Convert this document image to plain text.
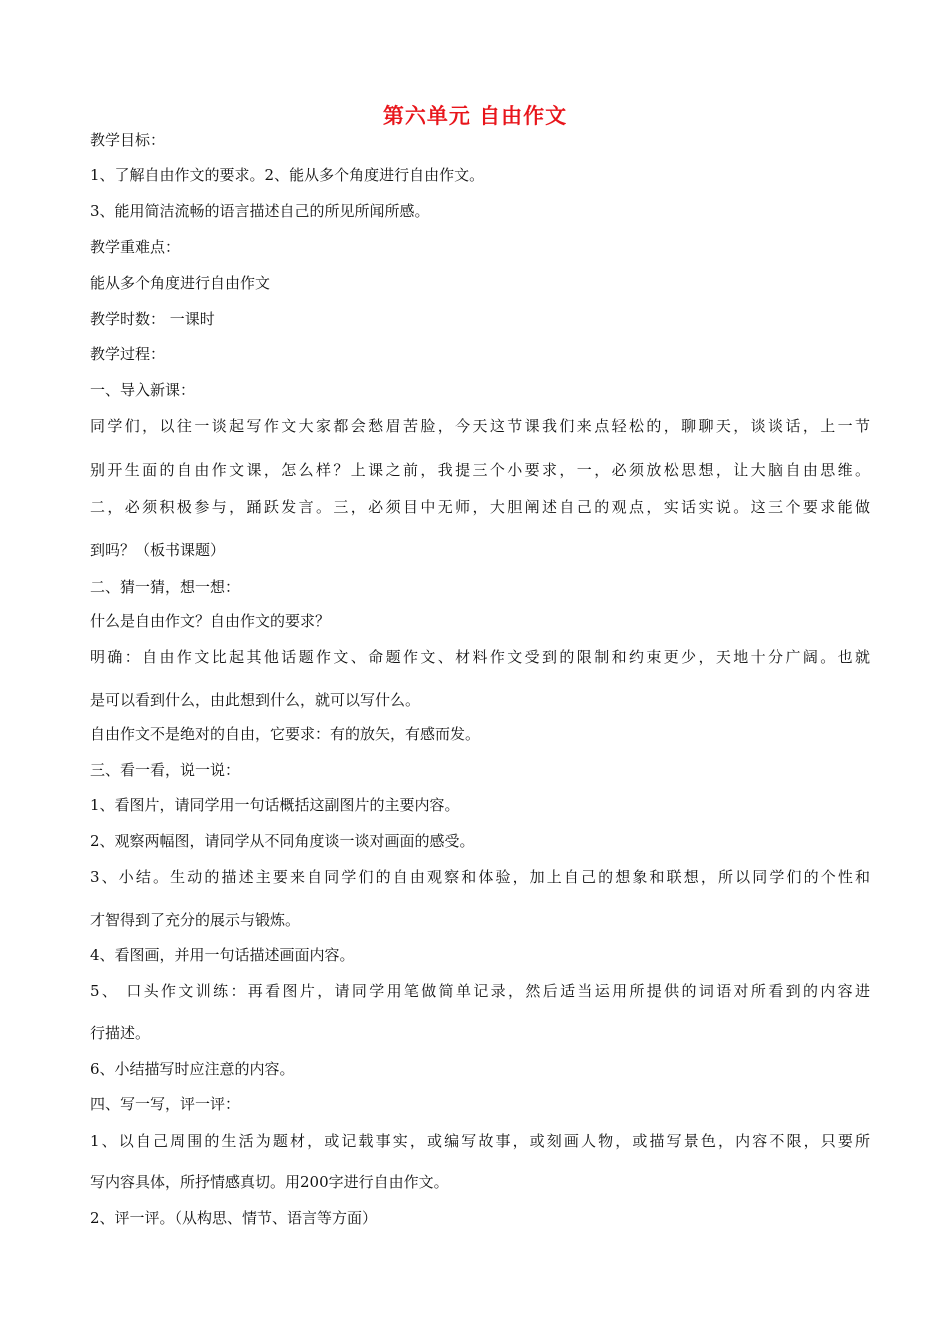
第六单元 自由作文
教学目标：
1、了解自由作文的要求。2、能从多个角度进行自由作文。
3、能用简洁流畅的语言描述自己的所见所闻所感。
教学重难点：
能从多个角度进行自由作文
教学时数： 一课时
教学过程：
一、导入新课：
同学们，以往一谈起写作文大家都会愁眉苦脸，今天这节课我们来点轻松的，聊聊天，谈谈话，上一节
别开生面的自由作文课，怎么样？上课之前，我提三个小要求，一，必须放松思想，让大脑自由思维。
二，必须积极参与，踊跃发言。三，必须目中无师，大胆阐述自己的观点，实话实说。这三个要求能做
到吗？（板书课题）
二、猜一猜，想一想：
什么是自由作文？自由作文的要求？
明确：自由作文比起其他话题作文、命题作文、材料作文受到的限制和约束更少，天地十分广阔。也就
是可以看到什么，由此想到什么，就可以写什么。
自由作文不是绝对的自由，它要求：有的放矢，有感而发。
三、看一看，说一说：
1、看图片，请同学用一句话概括这副图片的主要内容。
2、观察两幅图，请同学从不同角度谈一谈对画面的感受。
3、小结。生动的描述主要来自同学们的自由观察和体验，加上自己的想象和联想，所以同学们的个性和
才智得到了充分的展示与锻炼。
4、看图画，并用一句话描述画面内容。
5、 口头作文训练：再看图片，请同学用笔做简单记录，然后适当运用所提供的词语对所看到的内容进
行描述。
6、小结描写时应注意的内容。
四、写一写，评一评：
1、以自己周围的生活为题材，或记载事实，或编写故事，或刻画人物，或描写景色，内容不限，只要所
写内容具体，所抒情感真切。用200字进行自由作文。
2、评一评。（从构思、情节、语言等方面）
